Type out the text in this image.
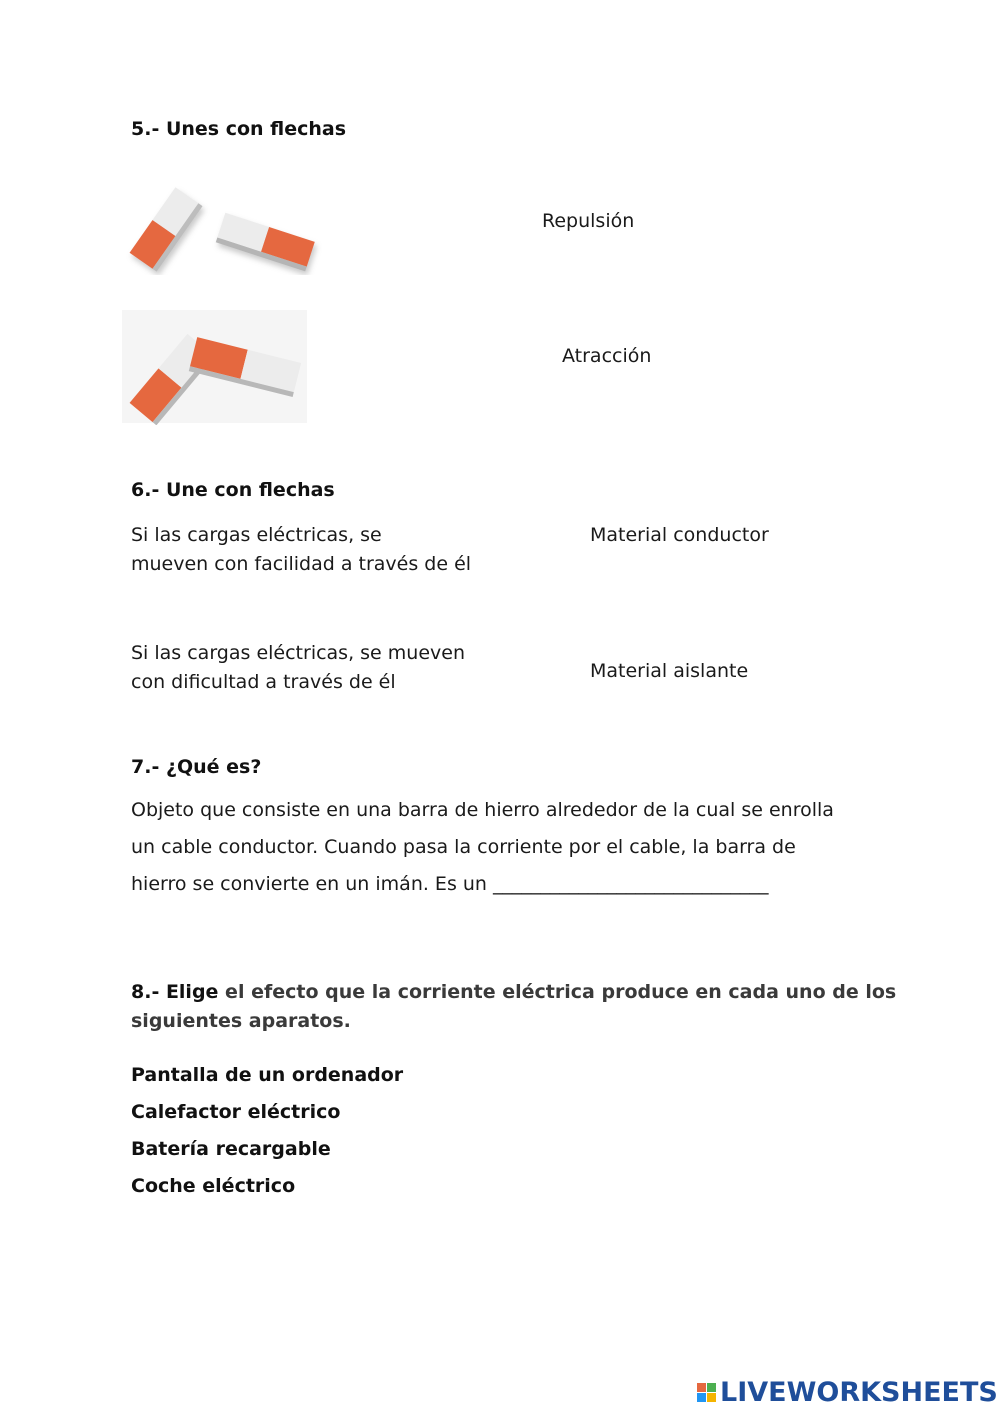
5.- Unes con flechas
Repulsión
Atracción
6.- Une con flechas
Si las cargas eléctricas, se
mueven con facilidad a través de él
Material conductor
Si las cargas eléctricas, se mueven
con dificultad a través de él	Material aislante
7.- ¿Qué es?
Objeto que consiste en una barra de hierro alrededor de la cual se enrolla
un cable conductor. Cuando pasa la corriente por el cable, la barra de
hierro se convierte en un imán. Es un _____________________________
8.- Elige el efecto que la corriente eléctrica produce en cada uno de los siguientes aparatos.
Pantalla de un ordenador
Calefactor eléctrico
Batería recargable
Coche eléctrico
LIVEWORKSHEETS
